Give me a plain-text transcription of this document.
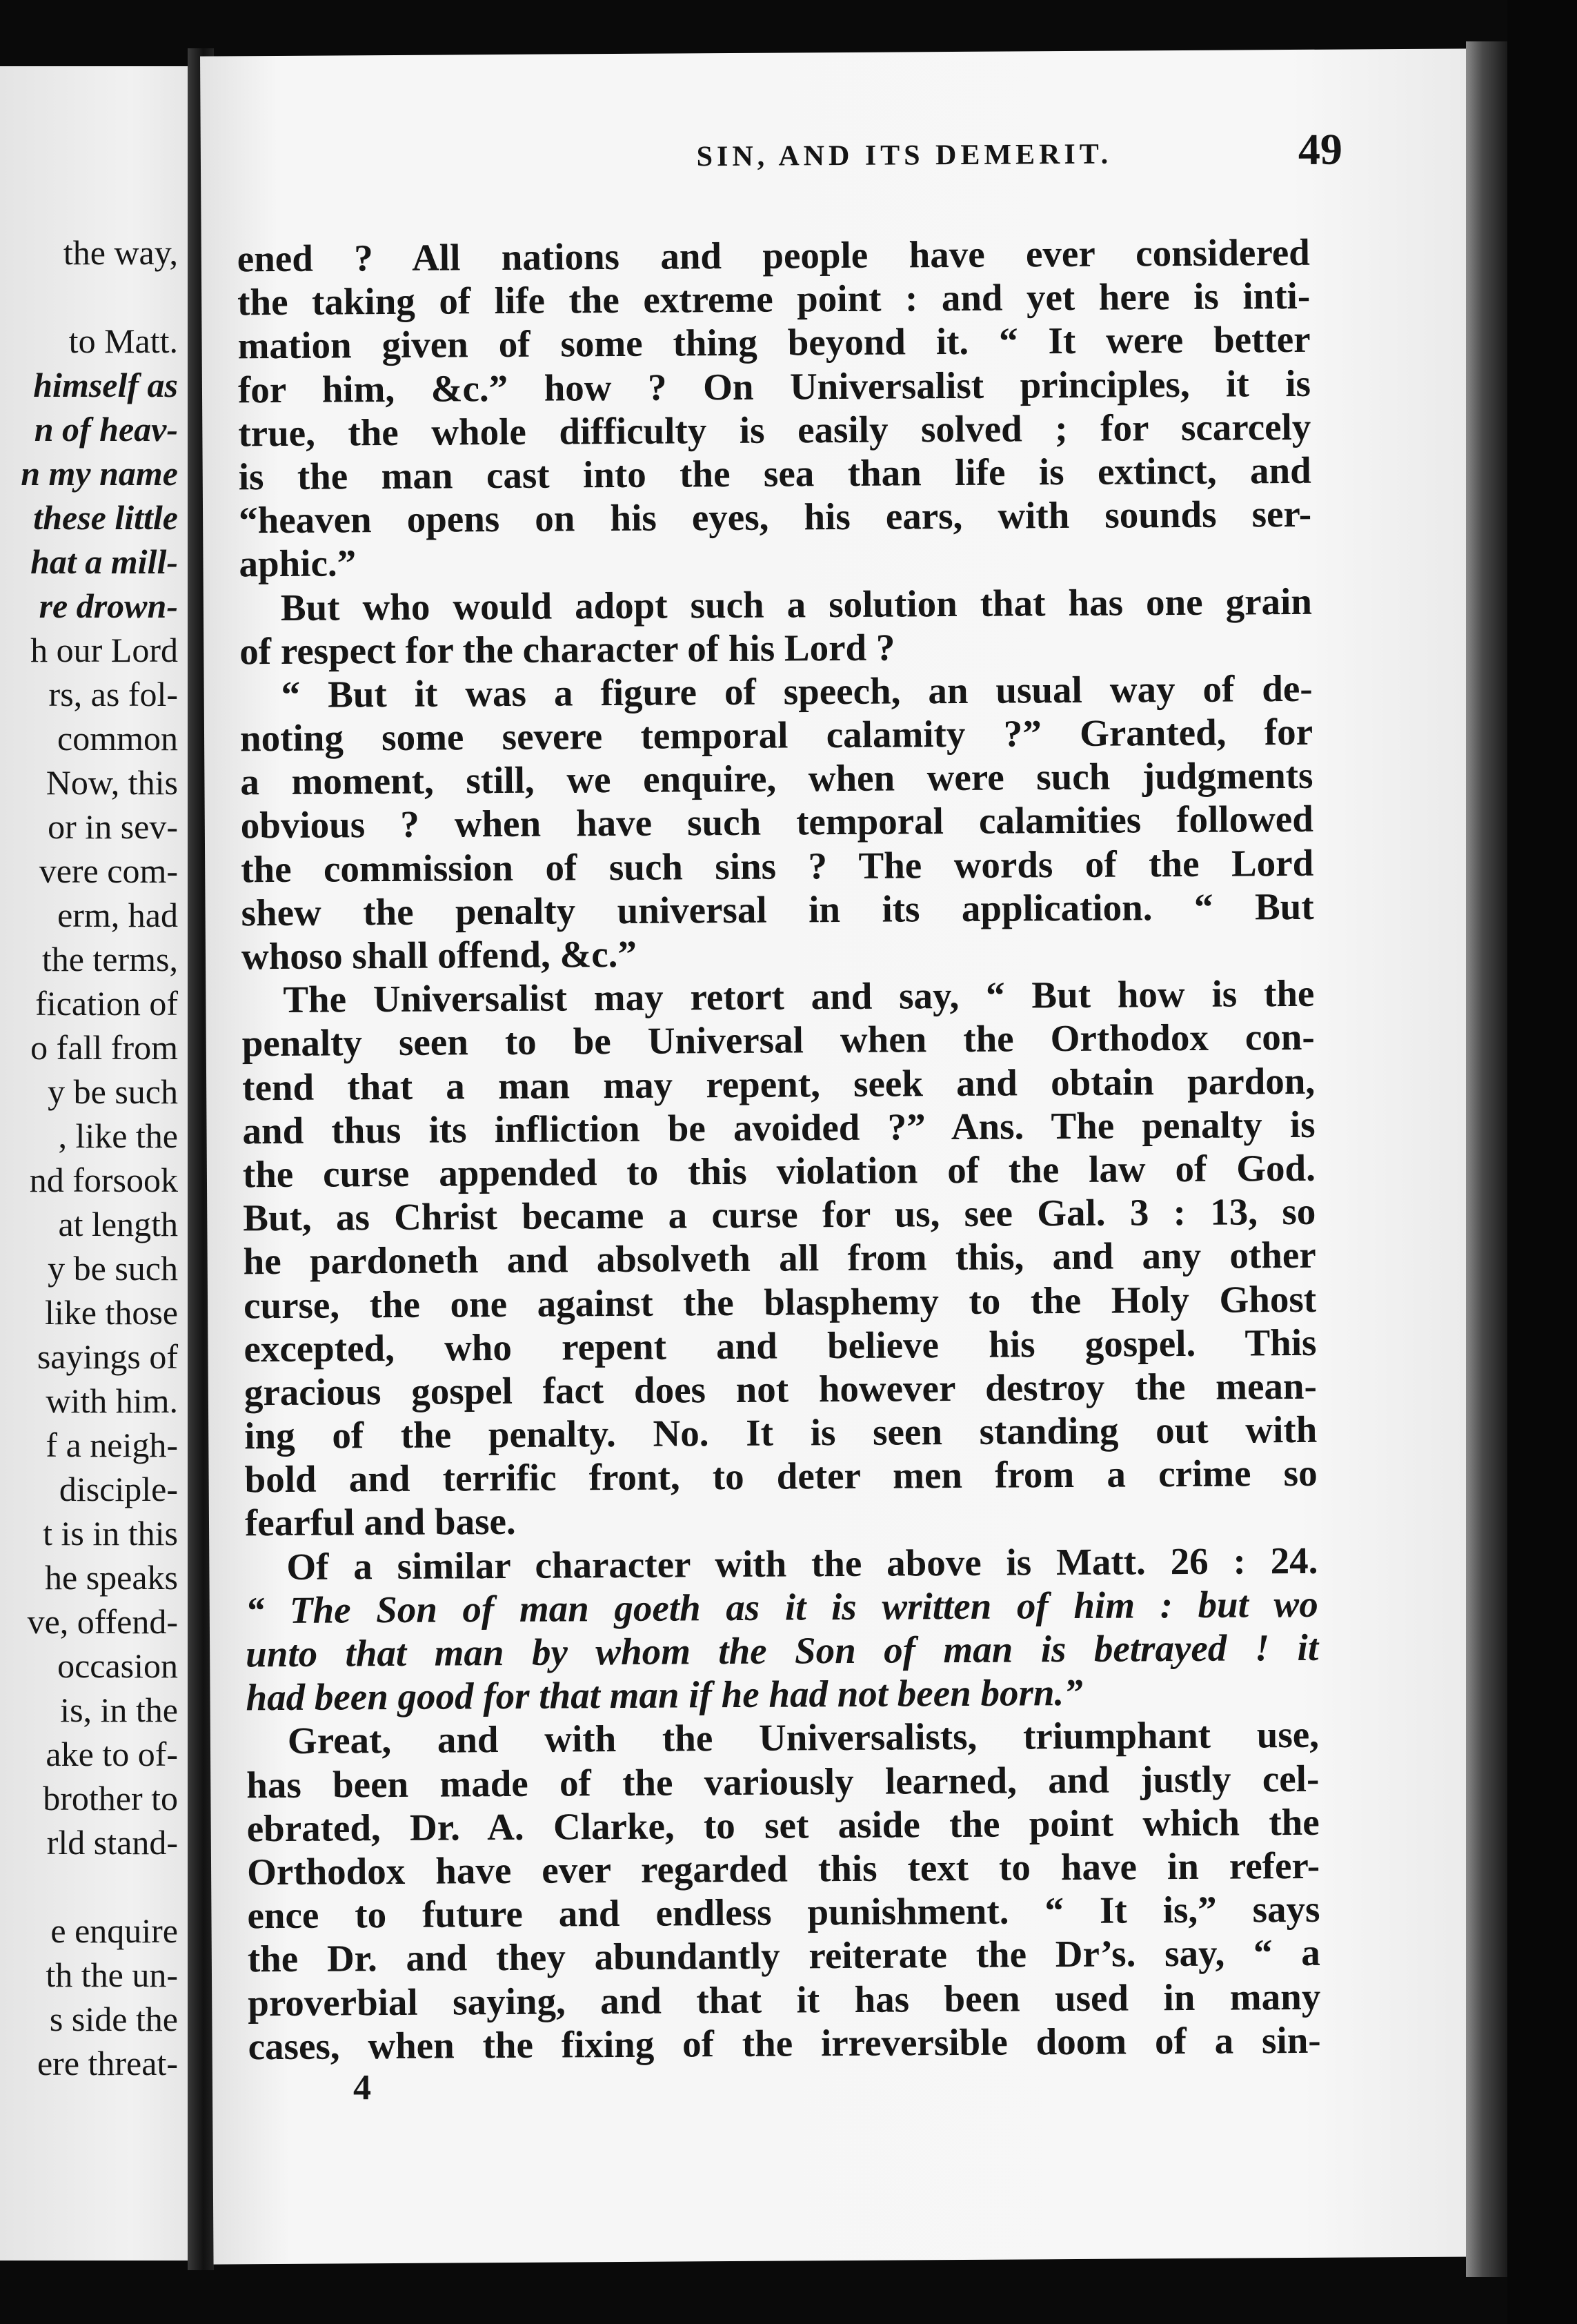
the way,
to Matt.
himself as
n of heav-
n my name
these little
hat a mill-
re drown-
h our Lord
rs, as fol-
common
Now, this
or in sev-
vere com-
erm, had
the terms,
fication of
o fall from
y be such
, like the
nd forsook
at length
y be such
like those
sayings of
with him.
f a neigh-
disciple-
t is in this
he speaks
ve, offend-
occasion
is, in the
ake to of-
brother to
rld stand-
e enquire
th the un-
s side the
ere threat-
SIN, AND ITS DEMERIT.	49
ened ? All nations and people have ever considered
the taking of life the extreme point : and yet here is inti-
mation given of some thing beyond it. “ It were better
for him, &c.” how ? On Universalist principles, it is
true, the whole difficulty is easily solved ; for scarcely
is the man cast into the sea than life is extinct, and
“heaven opens on his eyes, his ears, with sounds ser-
aphic.”
But who would adopt such a solution that has one grain
of respect for the character of his Lord ?
“ But it was a figure of speech, an usual way of de-
noting some severe temporal calamity ?” Granted, for
a moment, still, we enquire, when were such judgments
obvious ? when have such temporal calamities followed
the commission of such sins ? The words of the Lord
shew the penalty universal in its application. “ But
whoso shall offend, &c.”
The Universalist may retort and say, “ But how is the
penalty seen to be Universal when the Orthodox con-
tend that a man may repent, seek and obtain pardon,
and thus its infliction be avoided ?” Ans. The penalty is
the curse appended to this violation of the law of God.
But, as Christ became a curse for us, see Gal. 3 : 13, so
he pardoneth and absolveth all from this, and any other
curse, the one against the blasphemy to the Holy Ghost
excepted, who repent and believe his gospel. This
gracious gospel fact does not however destroy the mean-
ing of the penalty. No. It is seen standing out with
bold and terrific front, to deter men from a crime so
fearful and base.
Of a similar character with the above is Matt. 26 : 24.
“ The Son of man goeth as it is written of him : but wo
unto that man by whom the Son of man is betrayed ! it
had been good for that man if he had not been born.”
Great, and with the Universalists, triumphant use,
has been made of the variously learned, and justly cel-
ebrated, Dr. A. Clarke, to set aside the point which the
Orthodox have ever regarded this text to have in refer-
ence to future and endless punishment. “ It is,” says
the Dr. and they abundantly reiterate the Dr’s. say, “ a
proverbial saying, and that it has been used in many
cases, when the fixing of the irreversible doom of a sin-
4
